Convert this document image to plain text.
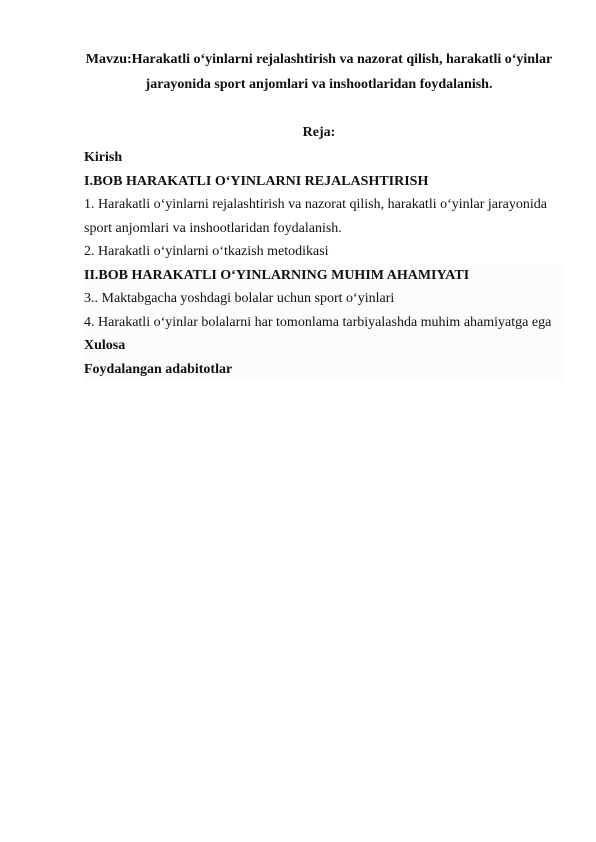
Mavzu:Harakatli o‘yinlarni rejalashtirish va nazorat qilish, harakatli o‘yinlar
jarayonida sport anjomlari va inshootlaridan foydalanish.

Reja:

Kirish
I.BOB HARAKATLI O‘YINLARNI REJALASHTIRISH
1. Harakatli o‘yinlarni rejalashtirish va nazorat qilish, harakatli o‘yinlar jarayonida
sport anjomlari va inshootlaridan foydalanish.
2. Harakatli o‘yinlarni o‘tkazish metodikasi
II.BOB HARAKATLI O‘YINLARNING MUHIM AHAMIYATI
3.. Maktabgacha yoshdagi bolalar uchun sport o‘yinlari
4. Harakatli o‘yinlar bolalarni har tomonlama tarbiyalashda muhim ahamiyatga ega
Xulosa
Foydalangan adabitotlar
